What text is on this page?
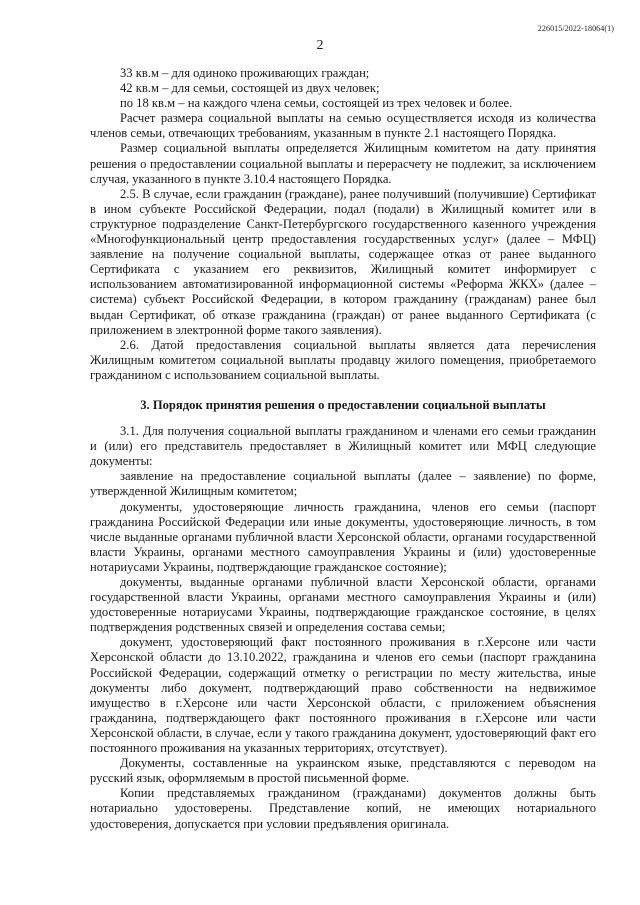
226015/2022-18064(1)
2

33 кв.м – для одиноко проживающих граждан;

42 кв.м – для семьи, состоящей из двух человек;

по 18 кв.м – на каждого члена семьи, состоящей из трех человек и более.

Расчет размера социальной выплаты на семью осуществляется исходя из количества членов семьи, отвечающих требованиям, указанным в пункте 2.1 настоящего Порядка.

Размер социальной выплаты определяется Жилищным комитетом на дату принятия решения о предоставлении социальной выплаты и перерасчету не подлежит, за исключением случая, указанного в пункте 3.10.4 настоящего Порядка.

2.5. В случае, если гражданин (граждане), ранее получивший (получившие) Сертификат в ином субъекте Российской Федерации, подал (подали) в Жилищный комитет или в структурное подразделение Санкт-Петербургского государственного казенного учреждения «Многофункциональный центр предоставления государственных услуг» (далее – МФЦ) заявление на получение социальной выплаты, содержащее отказ от ранее выданного Сертификата с указанием его реквизитов, Жилищный комитет информирует с использованием автоматизированной информационной системы «Реформа ЖКХ» (далее – система) субъект Российской Федерации, в котором гражданину (гражданам) ранее был выдан Сертификат, об отказе гражданина (граждан) от ранее выданного Сертификата (с приложением в электронной форме такого заявления).

2.6. Датой предоставления социальной выплаты является дата перечисления Жилищным комитетом социальной выплаты продавцу жилого помещения, приобретаемого гражданином с использованием социальной выплаты.

3. Порядок принятия решения о предоставлении социальной выплаты

3.1. Для получения социальной выплаты гражданином и членами его семьи гражданин и (или) его представитель предоставляет в Жилищный комитет или МФЦ следующие документы:

заявление на предоставление социальной выплаты (далее – заявление) по форме, утвержденной Жилищным комитетом;

документы, удостоверяющие личность гражданина, членов его семьи (паспорт гражданина Российской Федерации или иные документы, удостоверяющие личность, в том числе выданные органами публичной власти Херсонской области, органами государственной власти Украины, органами местного самоуправления Украины и (или) удостоверенные нотариусами Украины, подтверждающие гражданское состояние);

документы, выданные органами публичной власти Херсонской области, органами государственной власти Украины, органами местного самоуправления Украины и (или) удостоверенные нотариусами Украины, подтверждающие гражданское состояние, в целях подтверждения родственных связей и определения состава семьи;

документ, удостоверяющий факт постоянного проживания в г.Херсоне или части Херсонской области до 13.10.2022, гражданина и членов его семьи (паспорт гражданина Российской Федерации, содержащий отметку о регистрации по месту жительства, иные документы либо документ, подтверждающий право собственности на недвижимое имущество в г.Херсоне или части Херсонской области, с приложением объяснения гражданина, подтверждающего факт постоянного проживания в г.Херсоне или части Херсонской области, в случае, если у такого гражданина документ, удостоверяющий факт его постоянного проживания на указанных территориях, отсутствует).

Документы, составленные на украинском языке, представляются с переводом на русский язык, оформляемым в простой письменной форме.

Копии представляемых гражданином (гражданами) документов должны быть нотариально удостоверены. Представление копий, не имеющих нотариального удостоверения, допускается при условии предъявления оригинала.
